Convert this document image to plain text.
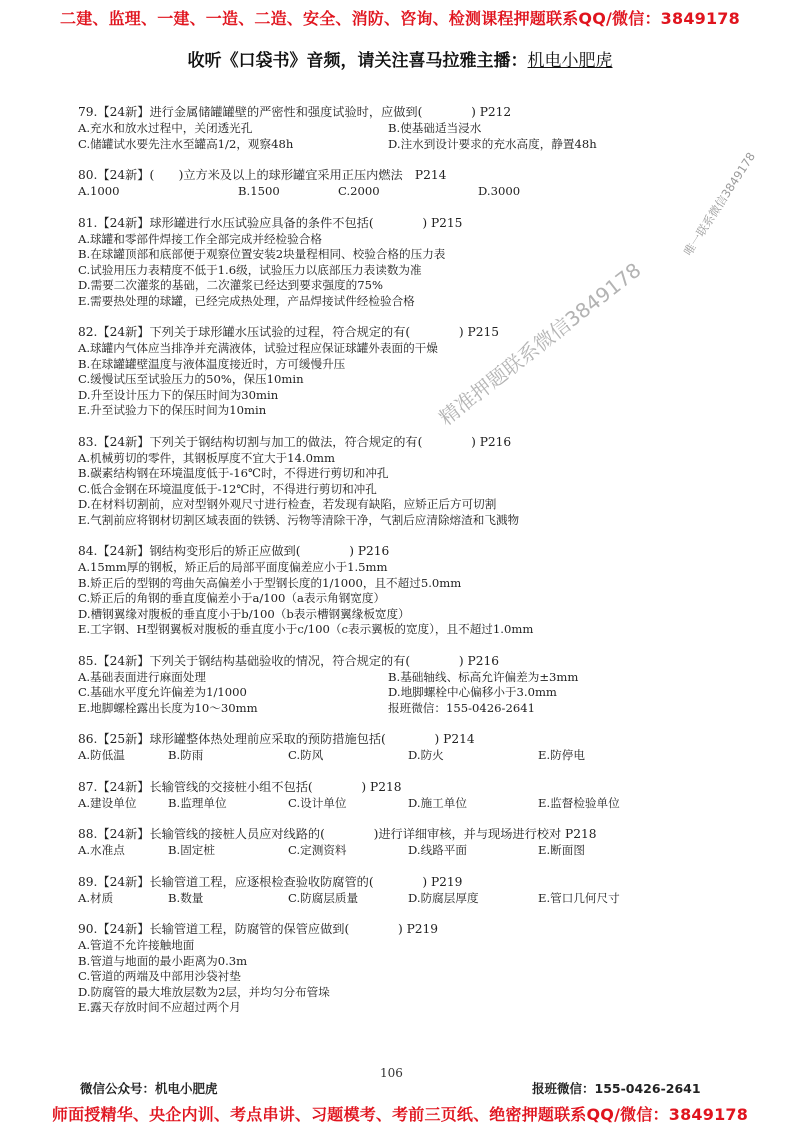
二建、监理、一建、一造、二造、安全、消防、咨询、检测课程押题联系QQ/微信：3849178
收听《口袋书》音频，请关注喜马拉雅主播：机电小肥虎
79.【24新】进行金属储罐罐壁的严密性和强度试验时，应做到(　　　　) P212
A.充水和放水过程中，关闭透光孔	B.使基础适当浸水
C.储罐试水要先注水至罐高1/2，观察48h	D.注水到设计要求的充水高度，静置48h
80.【24新】(　　)立方米及以上的球形罐宜采用正压内燃法　P214
A.1000	B.1500	C.2000	D.3000
81.【24新】球形罐进行水压试验应具备的条件不包括(　　　　) P215
A.球罐和零部件焊接工作全部完成并经检验合格
B.在球罐顶部和底部便于观察位置安装2块量程相同、校验合格的压力表
C.试验用压力表精度不低于1.6级，试验压力以底部压力表读数为准
D.需要二次灌浆的基础，二次灌浆已经达到要求强度的75%
E.需要热处理的球罐，已经完成热处理，产品焊接试件经检验合格
82.【24新】下列关于球形罐水压试验的过程，符合规定的有(　　　　) P215
A.球罐内气体应当排净并充满液体，试验过程应保证球罐外表面的干燥
B.在球罐罐壁温度与液体温度接近时，方可缓慢升压
C.缓慢试压至试验压力的50%，保压10min
D.升至设计压力下的保压时间为30min
E.升至试验力下的保压时间为10min
83.【24新】下列关于钢结构切割与加工的做法，符合规定的有(　　　　) P216
A.机械剪切的零件，其钢板厚度不宜大于14.0mm
B.碳素结构钢在环境温度低于-16℃时，不得进行剪切和冲孔
C.低合金钢在环境温度低于-12℃时，不得进行剪切和冲孔
D.在材料切割前，应对型钢外观尺寸进行检查，若发现有缺陷，应矫正后方可切割
E.气割前应将钢材切割区域表面的铁锈、污物等清除干净，气割后应清除熔渣和飞溅物
84.【24新】钢结构变形后的矫正应做到(　　　　) P216
A.15mm厚的钢板，矫正后的局部平面度偏差应小于1.5mm
B.矫正后的型钢的弯曲矢高偏差小于型钢长度的1/1000，且不超过5.0mm
C.矫正后的角钢的垂直度偏差小于a/100（a表示角钢宽度）
D.槽钢翼缘对腹板的垂直度小于b/100（b表示槽钢翼缘板宽度）
E.工字钢、H型钢翼板对腹板的垂直度小于c/100（c表示翼板的宽度），且不超过1.0mm
85.【24新】下列关于钢结构基础验收的情况，符合规定的有(　　　　) P216
A.基础表面进行麻面处理	B.基础轴线、标高允许偏差为±3mm
C.基础水平度允许偏差为1/1000	D.地脚螺栓中心偏移小于3.0mm
E.地脚螺栓露出长度为10～30mm	报班微信：155-0426-2641
86.【25新】球形罐整体热处理前应采取的预防措施包括(　　　　) P214
A.防低温	B.防雨	C.防风	D.防火	E.防停电
87.【24新】长输管线的交接桩小组不包括(　　　　) P218
A.建设单位	B.监理单位	C.设计单位	D.施工单位	E.监督检验单位
88.【24新】长输管线的接桩人员应对线路的(　　　　)进行详细审核，并与现场进行校对 P218
A.水准点	B.固定桩	C.定测资料	D.线路平面	E.断面图
89.【24新】长输管道工程，应逐根检查验收防腐管的(　　　　) P219
A.材质	B.数量	C.防腐层质量	D.防腐层厚度	E.管口几何尺寸
90.【24新】长输管道工程，防腐管的保管应做到(　　　　) P219
A.管道不允许接触地面
B.管道与地面的最小距离为0.3m
C.管道的两端及中部用沙袋衬垫
D.防腐管的最大堆放层数为2层，并均匀分布管垛
E.露天存放时间不应超过两个月
唯一联系微信3849178
精准押题联系微信3849178
106
微信公众号：机电小肥虎	报班微信：155-0426-2641
师面授精华、央企内训、考点串讲、习题模考、考前三页纸、绝密押题联系QQ/微信：3849178
